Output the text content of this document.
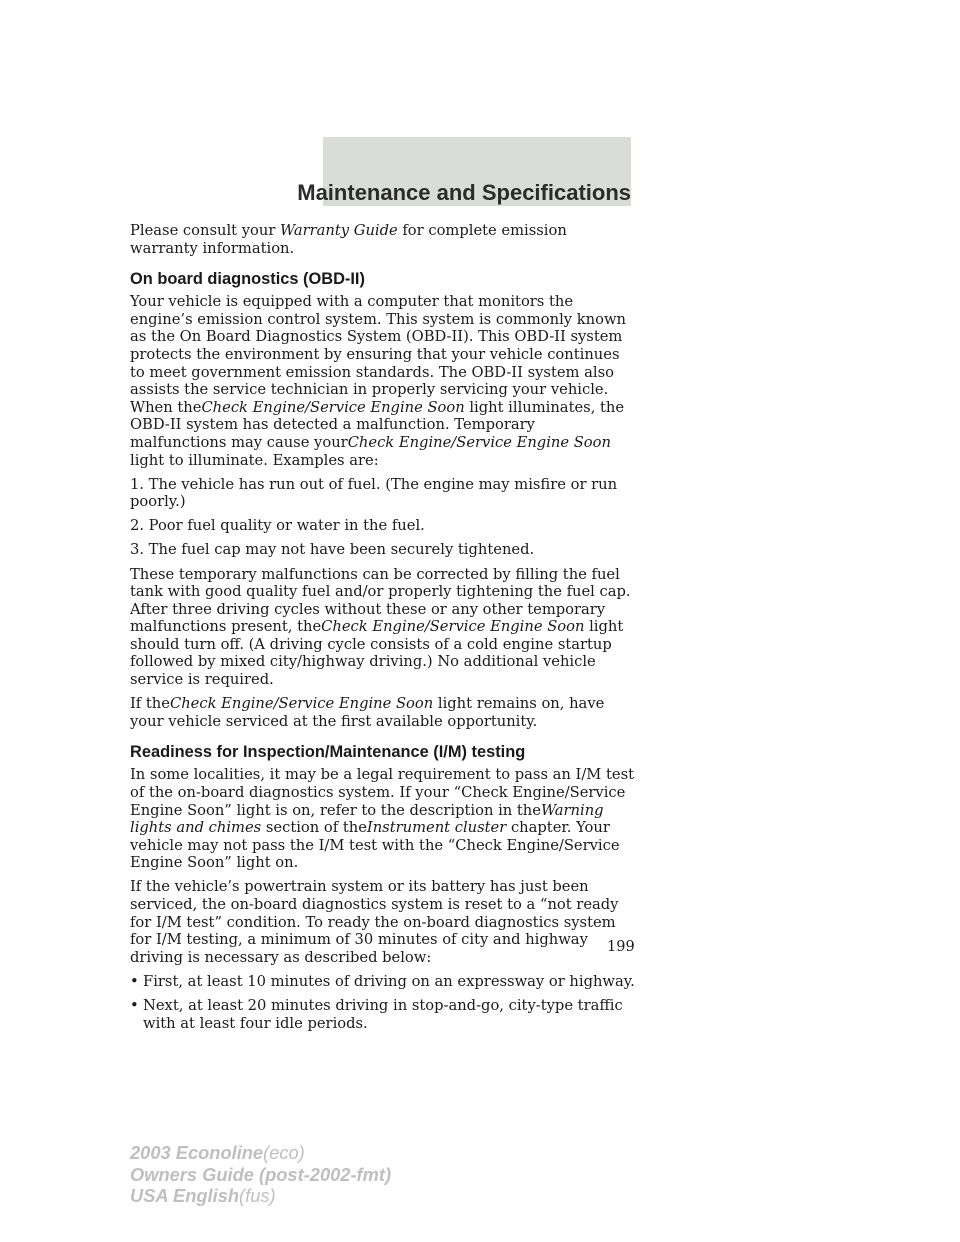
Maintenance and Specifications

Please consult your Warranty Guide for complete emission warranty information.

On board diagnostics (OBD-II)

Your vehicle is equipped with a computer that monitors the engine’s emission control system. This system is commonly known as the On Board Diagnostics System (OBD-II). This OBD-II system protects the environment by ensuring that your vehicle continues to meet government emission standards. The OBD-II system also assists the service technician in properly servicing your vehicle. When theCheck Engine/Service Engine Soon light illuminates, the OBD-II system has detected a malfunction. Temporary malfunctions may cause yourCheck Engine/Service Engine Soon light to illuminate. Examples are:

1. The vehicle has run out of fuel. (The engine may misfire or run poorly.)

2. Poor fuel quality or water in the fuel.

3. The fuel cap may not have been securely tightened.

These temporary malfunctions can be corrected by filling the fuel tank with good quality fuel and/or properly tightening the fuel cap. After three driving cycles without these or any other temporary malfunctions present, theCheck Engine/Service Engine Soon light should turn off. (A driving cycle consists of a cold engine startup followed by mixed city/highway driving.) No additional vehicle service is required.

If theCheck Engine/Service Engine Soon light remains on, have your vehicle serviced at the first available opportunity.

Readiness for Inspection/Maintenance (I/M) testing

In some localities, it may be a legal requirement to pass an I/M test of the on-board diagnostics system. If your “Check Engine/Service Engine Soon” light is on, refer to the description in theWarning lights and chimes section of theInstrument cluster chapter. Your vehicle may not pass the I/M test with the “Check Engine/Service Engine Soon” light on.

If the vehicle’s powertrain system or its battery has just been serviced, the on-board diagnostics system is reset to a “not ready for I/M test” condition. To ready the on-board diagnostics system for I/M testing, a minimum of 30 minutes of city and highway driving is necessary as described below:

• First, at least 10 minutes of driving on an expressway or highway.
• Next, at least 20 minutes driving in stop-and-go, city-type traffic with at least four idle periods.
199
2003 Econoline(eco)
Owners Guide (post-2002-fmt)
USA English(fus)
